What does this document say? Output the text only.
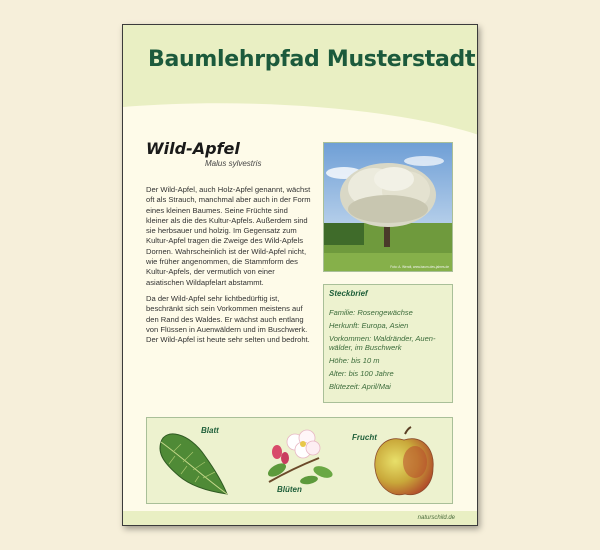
Baumlehrpfad Musterstadt
Wild-Apfel
Malus sylvestris

Der Wild-Apfel, auch Holz-Apfel genannt, wächst oft als Strauch, manchmal aber auch in der Form eines kleinen Baumes. Seine Früchte sind kleiner als die des Kultur-Apfels. Außerdem sind sie herbsauer und holzig. Im Gegensatz zum Kultur-Apfel tragen die Zweige des Wild-Apfels Dornen. Wahrscheinlich ist der Wild-Apfel nicht, wie früher angenommen, die Stammform des Kultur-Apfels, der vermutlich von einer asiatischen Wildapfelart abstammt.

Da der Wild-Apfel sehr lichtbedürftig ist, beschränkt sich sein Vorkommen meistens auf den Rand des Waldes. Er wächst auch entlang von Flüssen in Auenwäldern und im Buschwerk. Der Wild-Apfel ist heute sehr selten und bedroht.

Foto: A. Wendt, www.baum-des-jahres.de
Steckbrief
Familie: Rosengewächse
Herkunft: Europa, Asien
Vorkommen: Waldränder, Auen-wälder, im Buschwerk
Höhe: bis 10 m
Alter: bis 100 Jahre
Blütezeit: April/Mai
Blatt
Blüten
Frucht
naturschild.de
